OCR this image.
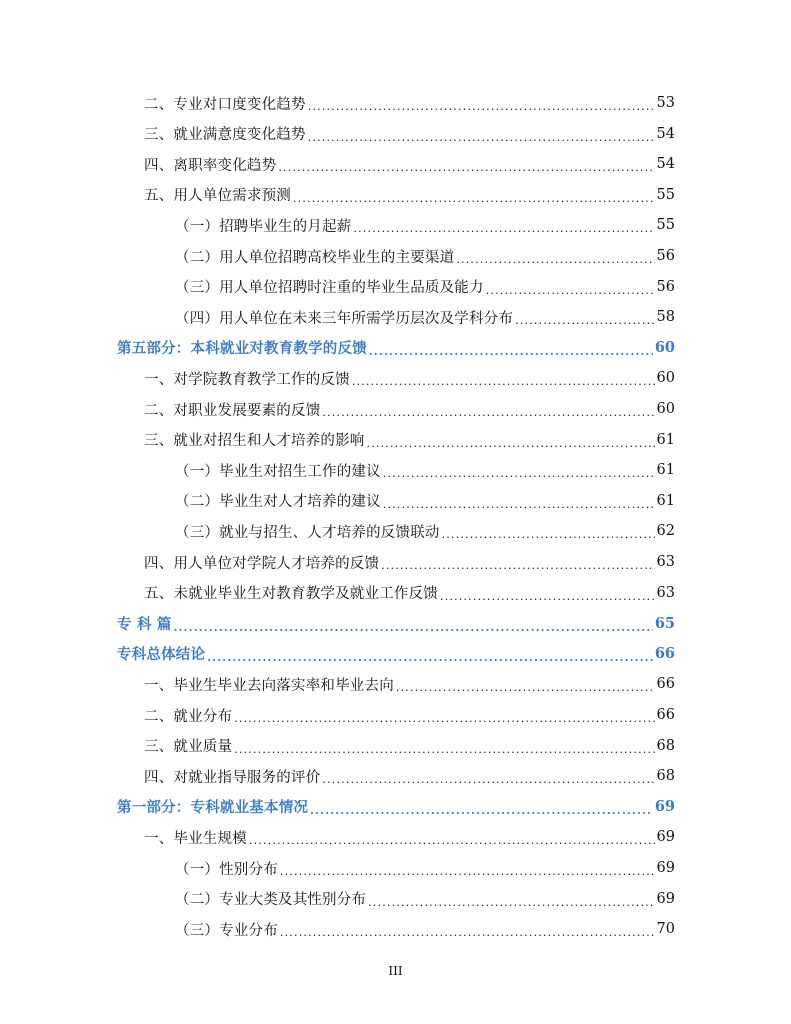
二、专业对口度变化趋势 .....	53
三、就业满意度变化趋势 .....	54
四、离职率变化趋势 .....	54
五、用人单位需求预测 .....	55
（一）招聘毕业生的月起薪 .....	55
（二）用人单位招聘高校毕业生的主要渠道 .....	56
（三）用人单位招聘时注重的毕业生品质及能力 .....	56
（四）用人单位在未来三年所需学历层次及学科分布 .....	58
第五部分：本科就业对教育教学的反馈 .....	60
一、对学院教育教学工作的反馈 .....	60
二、对职业发展要素的反馈 .....	60
三、就业对招生和人才培养的影响 .....	61
（一）毕业生对招生工作的建议 .....	61
（二）毕业生对人才培养的建议 .....	61
（三）就业与招生、人才培养的反馈联动 .....	62
四、用人单位对学院人才培养的反馈 .....	63
五、未就业毕业生对教育教学及就业工作反馈 .....	63
专 科 篇 .....	65
专科总体结论 .....	66
一、毕业生毕业去向落实率和毕业去向 .....	66
二、就业分布 .....	66
三、就业质量 .....	68
四、对就业指导服务的评价 .....	68
第一部分：专科就业基本情况 .....	69
一、毕业生规模 .....	69
（一）性别分布 .....	69
（二）专业大类及其性别分布 .....	69
（三）专业分布 .....	70
III
